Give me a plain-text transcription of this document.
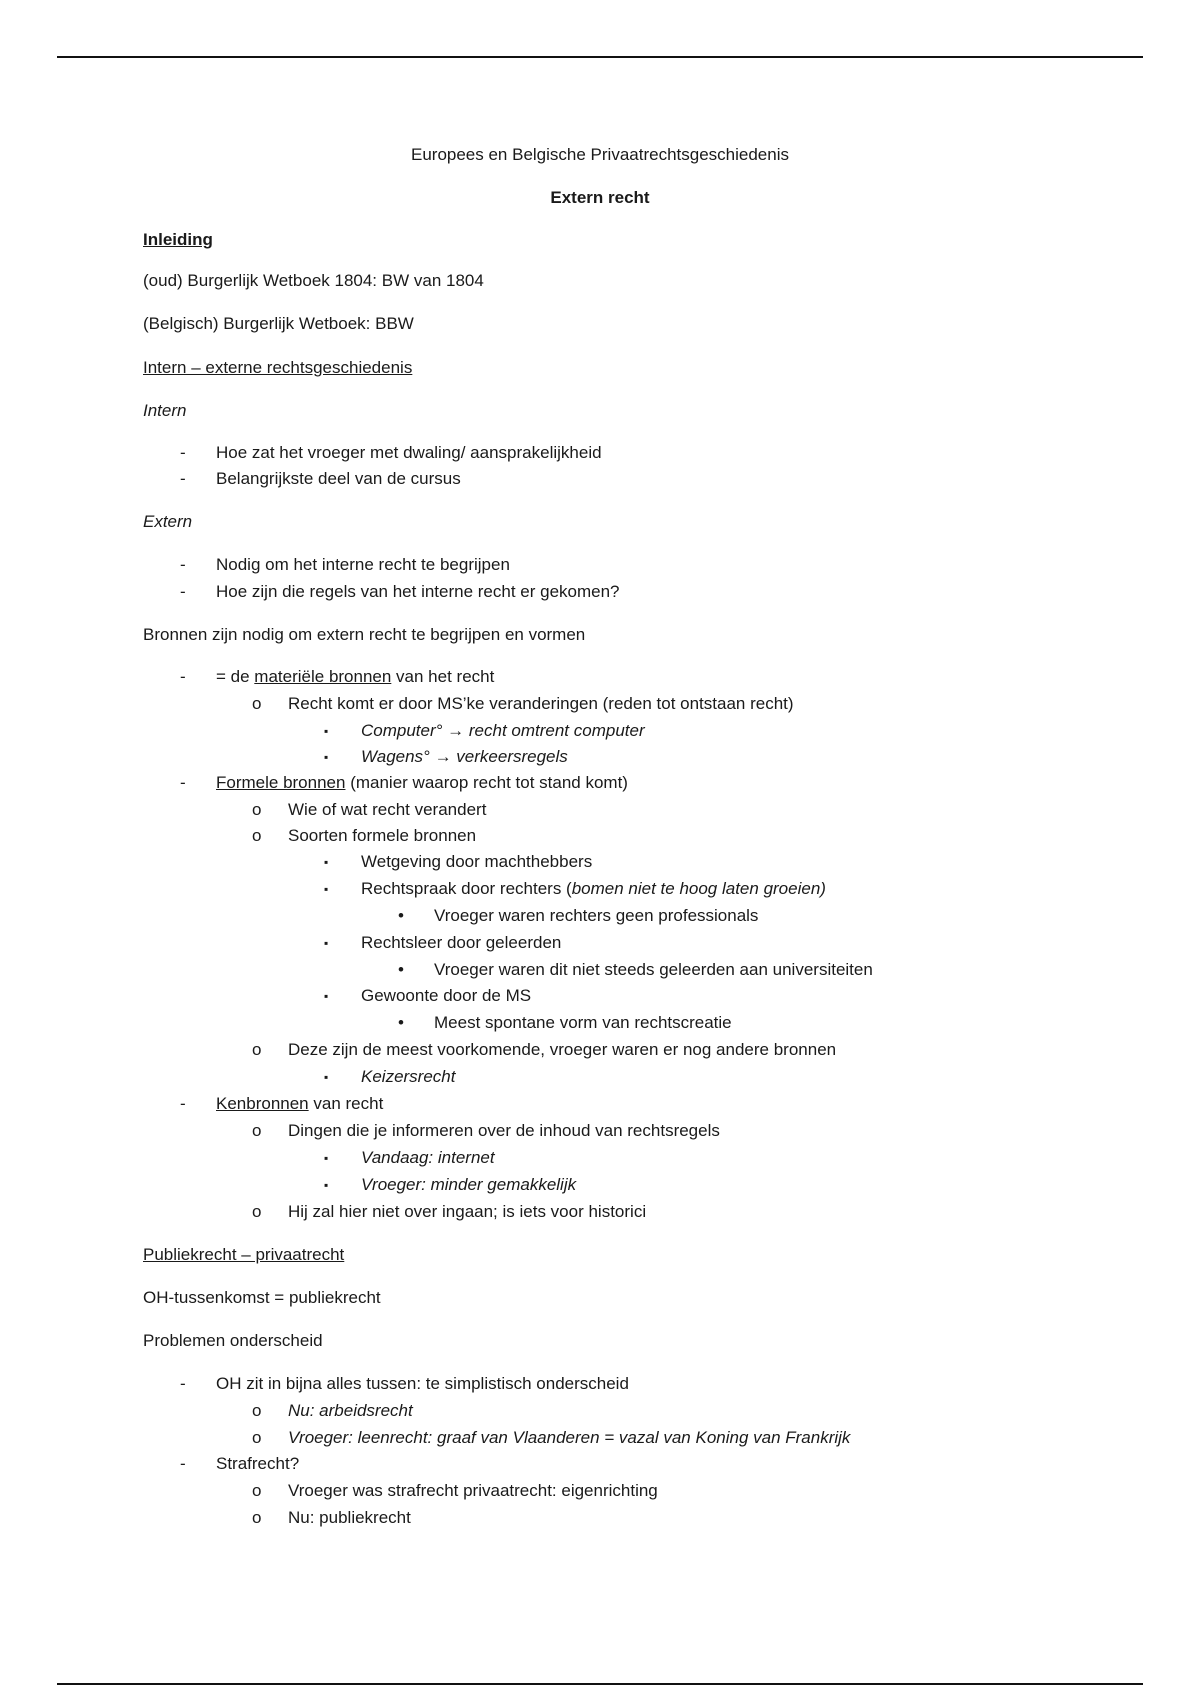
Europees en Belgische Privaatrechtsgeschiedenis
Extern recht
Inleiding
(oud) Burgerlijk Wetboek 1804: BW van 1804
(Belgisch) Burgerlijk Wetboek: BBW
Intern – externe rechtsgeschiedenis
Intern
-	Hoe zat het vroeger met dwaling/ aansprakelijkheid
-	Belangrijkste deel van de cursus
Extern
-	Nodig om het interne recht te begrijpen
-	Hoe zijn die regels van het interne recht er gekomen?
Bronnen zijn nodig om extern recht te begrijpen en vormen
-	= de materiële bronnen van het recht
o	Recht komt er door MS’ke veranderingen (reden tot ontstaan recht)
▪	Computer° → recht omtrent computer
▪	Wagens° → verkeersregels
-	Formele bronnen (manier waarop recht tot stand komt)
o	Wie of wat recht verandert
o	Soorten formele bronnen
▪	Wetgeving door machthebbers
▪	Rechtspraak door rechters (bomen niet te hoog laten groeien)
•	Vroeger waren rechters geen professionals
▪	Rechtsleer door geleerden
•	Vroeger waren dit niet steeds geleerden aan universiteiten
▪	Gewoonte door de MS
•	Meest spontane vorm van rechtscreatie
o	Deze zijn de meest voorkomende, vroeger waren er nog andere bronnen
▪	Keizersrecht
-	Kenbronnen van recht
o	Dingen die je informeren over de inhoud van rechtsregels
▪	Vandaag: internet
▪	Vroeger: minder gemakkelijk
o	Hij zal hier niet over ingaan; is iets voor historici
Publiekrecht – privaatrecht
OH-tussenkomst = publiekrecht
Problemen onderscheid
-	OH zit in bijna alles tussen: te simplistisch onderscheid
o	Nu: arbeidsrecht
o	Vroeger: leenrecht: graaf van Vlaanderen = vazal van Koning van Frankrijk
-	Strafrecht?
o	Vroeger was strafrecht privaatrecht: eigenrichting
o	Nu: publiekrecht
